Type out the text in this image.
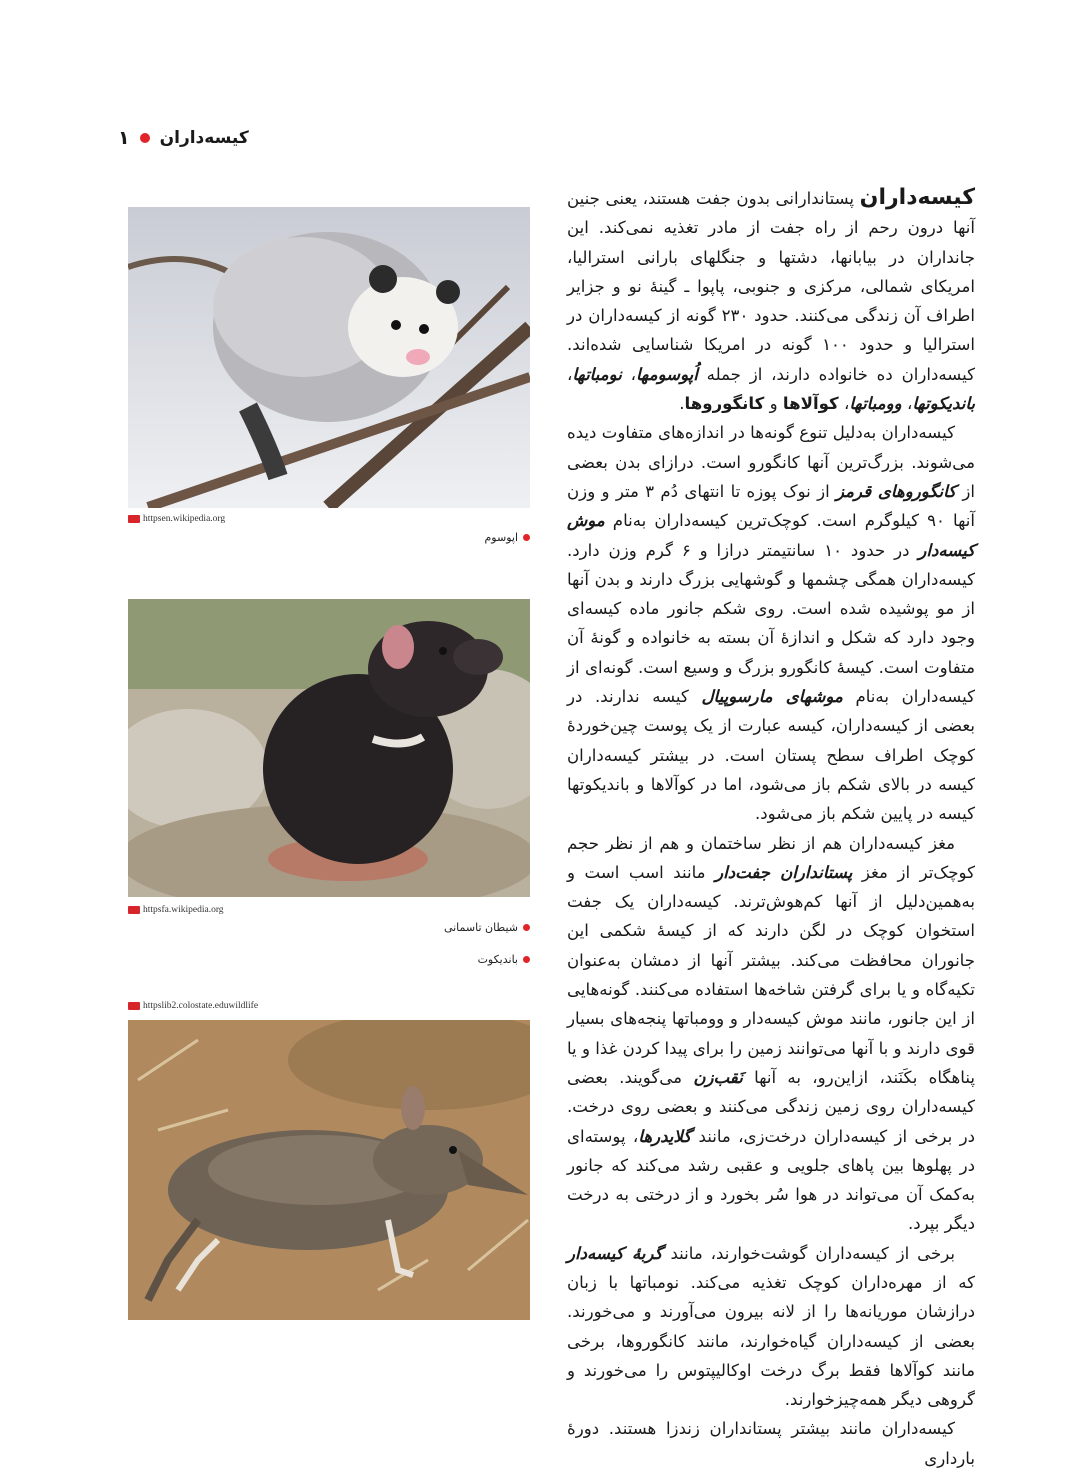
۱ کیسه‌داران

کیسه‌داران پستاندارانی بدون جفت هستند، یعنی جنین آنها درون رحم از راه جفت از مادر تغذیه نمی‌کند. این جانداران در بیابانها، دشتها و جنگلهای بارانی استرالیا، امریکای شمالی، مرکزی و جنوبی، پاپوا ـ گینهٔ نو و جزایر اطراف آن زندگی می‌کنند. حدود ۲۳۰ گونه از کیسه‌داران در استرالیا و حدود ۱۰۰ گونه در امریکا شناسایی شده‌اند. کیسه‌داران ده خانواده دارند، از جمله اُپوسومها، نومباتها، باندیکوتها، وومباتها، کوآلاها و کانگوروها.

کیسه‌داران به‌دلیل تنوع گونه‌ها در اندازه‌های متفاوت دیده می‌شوند. بزرگ‌ترین آنها کانگورو است. درازای بدن بعضی از کانگوروهای قرمز از نوک پوزه تا انتهای دُم ۳ متر و وزن آنها ۹۰ کیلوگرم است. کوچک‌ترین کیسه‌داران به‌نام موش کیسه‌دار در حدود ۱۰ سانتیمتر درازا و ۶ گرم وزن دارد. کیسه‌داران همگی چشمها و گوشهایی بزرگ دارند و بدن آنها از مو پوشیده شده است. روی شکم جانور ماده کیسه‌ای وجود دارد که شکل و اندازهٔ آن بسته به خانواده و گونهٔ آن متفاوت است. کیسهٔ کانگورو بزرگ و وسیع است. گونه‌ای از کیسه‌داران به‌نام موشهای مارسوپیال کیسه ندارند. در بعضی از کیسه‌داران، کیسه عبارت از یک پوست چین‌خوردهٔ کوچک اطراف سطح پستان است. در بیشتر کیسه‌داران کیسه در بالای شکم باز می‌شود، اما در کوآلاها و باندیکوتها کیسه در پایین شکم باز می‌شود.

مغز کیسه‌داران هم از نظر ساختمان و هم از نظر حجم کوچک‌تر از مغز پستانداران جفت‌دار مانند اسب است و به‌همین‌دلیل از آنها کم‌هوش‌ترند. کیسه‌داران یک جفت استخوان کوچک در لگن دارند که از کیسهٔ شکمی این جانوران محافظت می‌کند. بیشتر آنها از دمشان به‌عنوان تکیه‌گاه و یا برای گرفتن شاخه‌ها استفاده می‌کنند. گونه‌هایی از این جانور، مانند موش کیسه‌دار و وومباتها پنجه‌های بسیار قوی دارند و با آنها می‌توانند زمین را برای پیدا کردن غذا و یا پناهگاه بکَنَند، ازاین‌رو، به آنها نَقب‌زن می‌گویند. بعضی کیسه‌داران روی زمین زندگی می‌کنند و بعضی روی درخت. در برخی از کیسه‌داران درخت‌زی، مانند گلایدرها، پوسته‌ای در پهلوها بین پاهای جلویی و عقبی رشد می‌کند که جانور به‌کمک آن می‌تواند در هوا سُر بخورد و از درختی به درخت دیگر بپرد.

برخی از کیسه‌داران گوشت‌خوارند، مانند گربهٔ کیسه‌دار که از مهره‌داران کوچک تغذیه می‌کند. نومباتها با زبان درازشان موریانه‌ها را از لانه بیرون می‌آورند و می‌خورند. بعضی از کیسه‌داران گیاه‌خوارند، مانند کانگوروها، برخی مانند کوآلاها فقط برگ درخت اوکالیپتوس را می‌خورند و گروهی دیگر همه‌چیزخوارند.

کیسه‌داران مانند بیشتر پستانداران زندزا هستند. دورهٔ بارداری

httpsen.wikipedia.org
اپوسوم
httpsfa.wikipedia.org
شیطان تاسمانی
باندیکوت
httpslib2.colostate.eduwildlife
